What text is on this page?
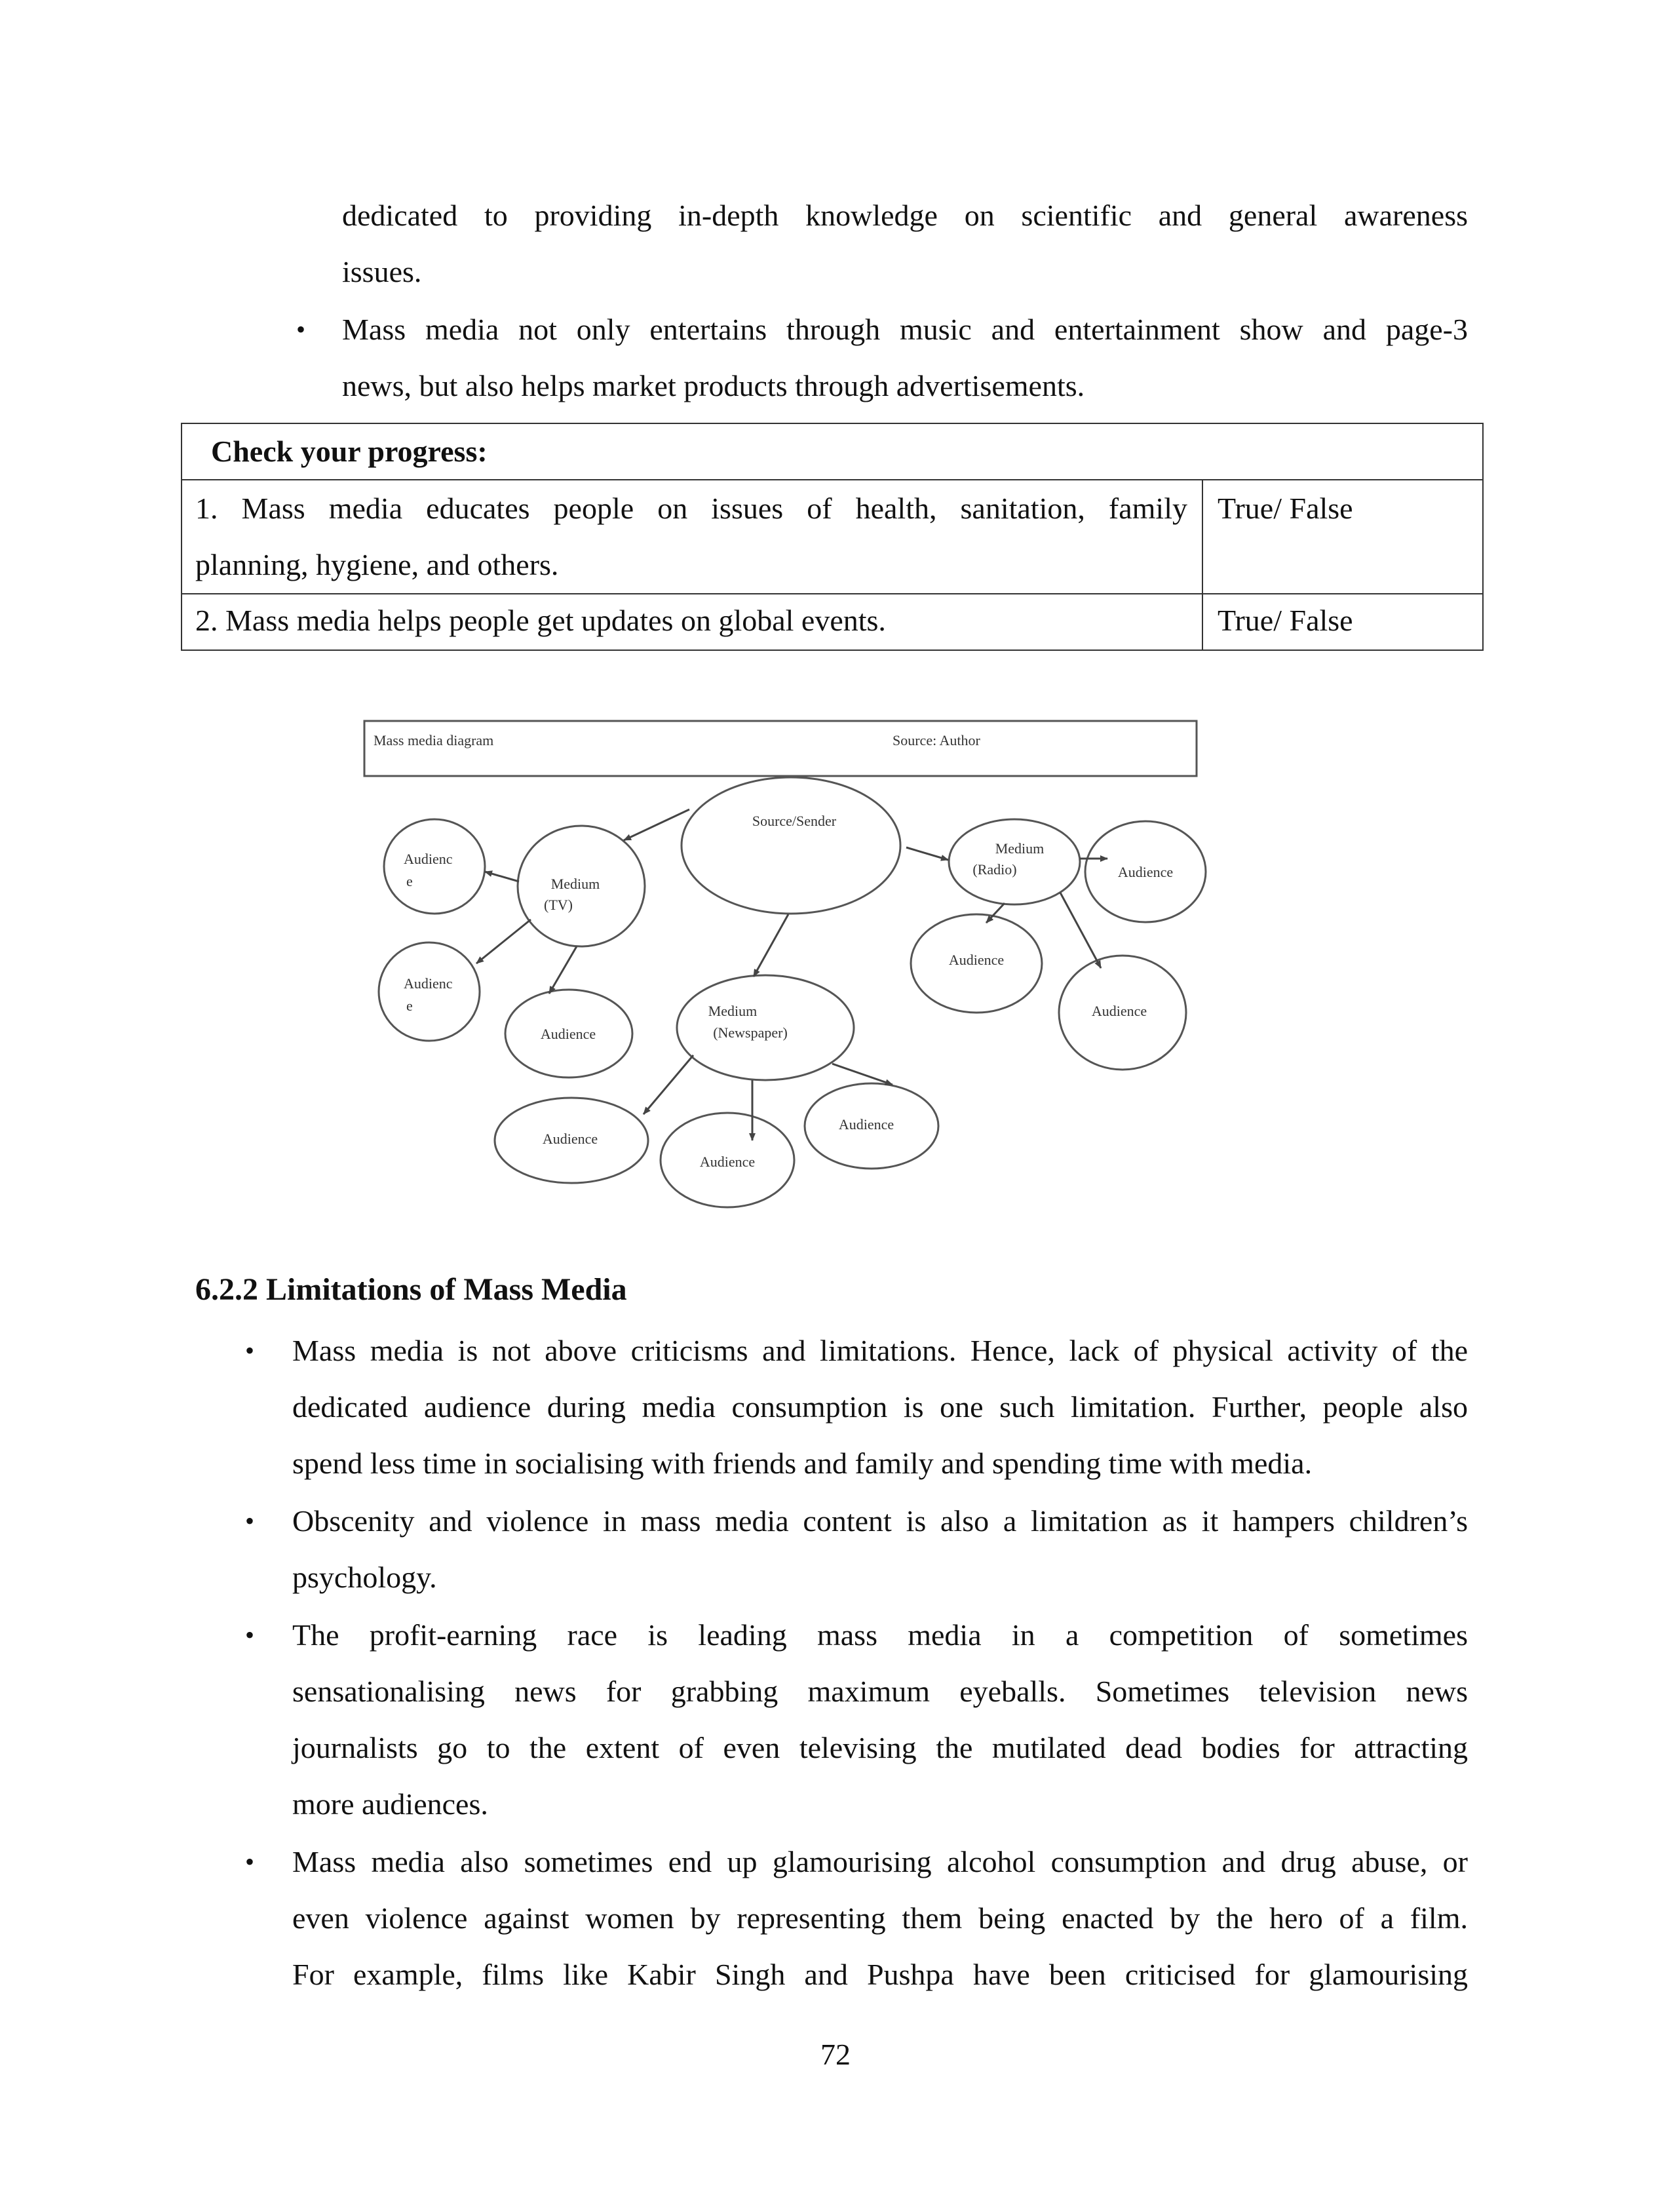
dedicated to providing in-depth knowledge on scientific and general awareness
issues.
• Mass media not only entertains through music and entertainment show and page-3
news, but also helps market products through advertisements.
Check your progress:	

1. Mass media educates people on issues of health, sanitation, family
planning, hygiene, and others.	True/ False

2. Mass media helps people get updates on global events.	True/ False
Mass media diagram	Source: Author
Source/Sender
Medium
(TV)
Medium
(Radio)
Medium
(Newspaper)
Audienc
e
Audienc
e
Audience
Audience
Audience
Audience
Audience
Audience
Audience
6.2.2 Limitations of Mass Media
• Mass media is not above criticisms and limitations. Hence, lack of physical activity of the
dedicated audience during media consumption is one such limitation. Further, people also
spend less time in socialising with friends and family and spending time with media.
• Obscenity and violence in mass media content is also a limitation as it hampers children’s
psychology.
• The profit-earning race is leading mass media in a competition of sometimes
sensationalising news for grabbing maximum eyeballs. Sometimes television news
journalists go to the extent of even televising the mutilated dead bodies for attracting
more audiences.
• Mass media also sometimes end up glamourising alcohol consumption and drug abuse, or
even violence against women by representing them being enacted by the hero of a film.
For example, films like Kabir Singh and Pushpa have been criticised for glamourising
72
